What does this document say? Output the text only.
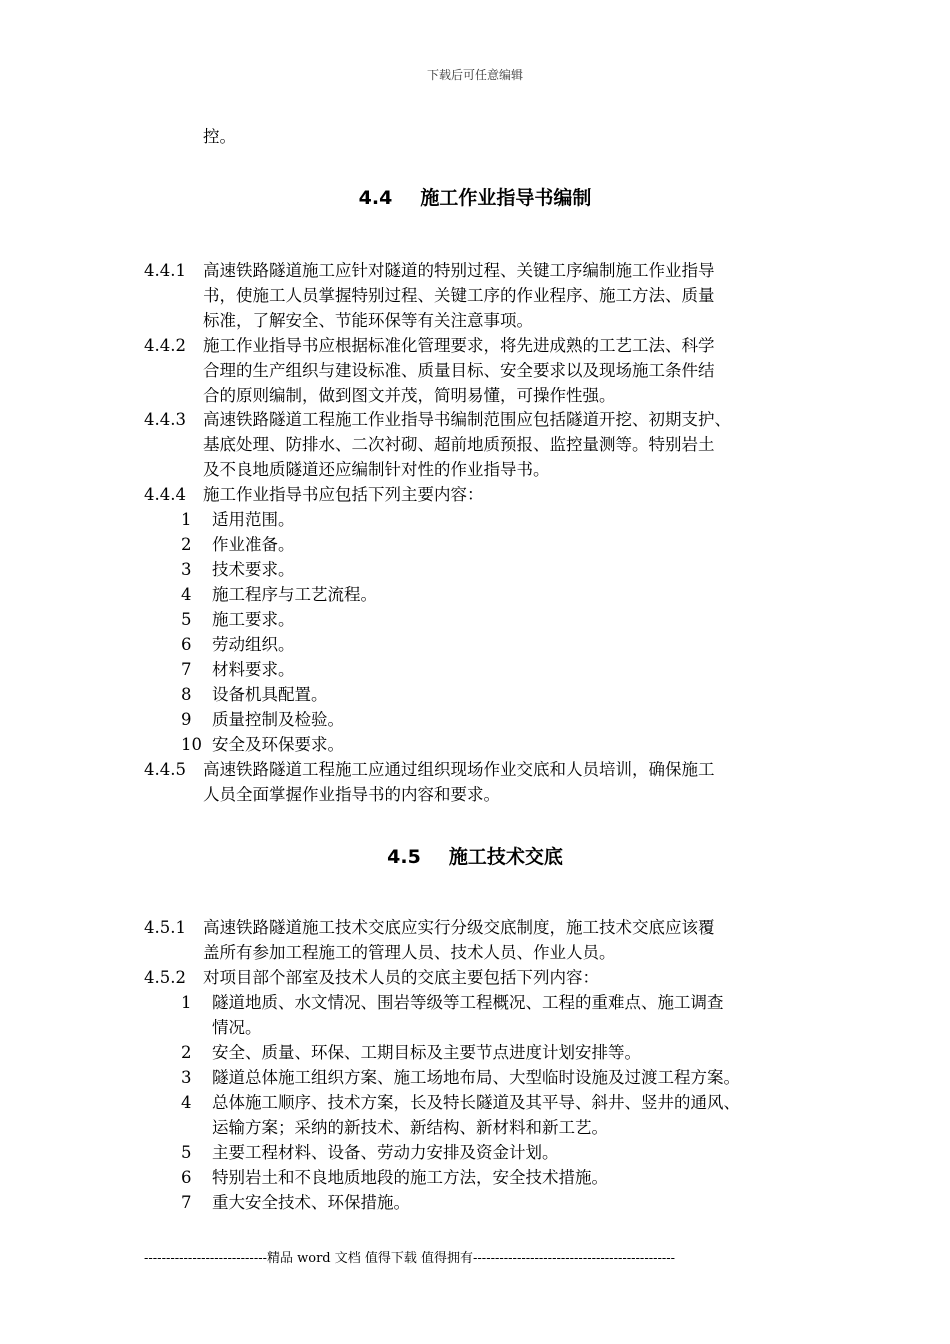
下载后可任意编辑
控。
4.4 施工作业指导书编制
4.4.1 高速铁路隧道施工应针对隧道的特别过程、关键工序编制施工作业指导
书，使施工人员掌握特别过程、关键工序的作业程序、施工方法、质量
标准，了解安全、节能环保等有关注意事项。
4.4.2 施工作业指导书应根据标准化管理要求，将先进成熟的工艺工法、科学
合理的生产组织与建设标准、质量目标、安全要求以及现场施工条件结
合的原则编制，做到图文并茂，简明易懂，可操作性强。
4.4.3 高速铁路隧道工程施工作业指导书编制范围应包括隧道开挖、初期支护、
基底处理、防排水、二次衬砌、超前地质预报、监控量测等。特别岩土
及不良地质隧道还应编制针对性的作业指导书。
4.4.4 施工作业指导书应包括下列主要内容：
1 适用范围。
2 作业准备。
3 技术要求。
4 施工程序与工艺流程。
5 施工要求。
6 劳动组织。
7 材料要求。
8 设备机具配置。
9 质量控制及检验。
10 安全及环保要求。
4.4.5 高速铁路隧道工程施工应通过组织现场作业交底和人员培训，确保施工
人员全面掌握作业指导书的内容和要求。
4.5 施工技术交底
4.5.1 高速铁路隧道施工技术交底应实行分级交底制度，施工技术交底应该覆
盖所有参加工程施工的管理人员、技术人员、作业人员。
4.5.2 对项目部个部室及技术人员的交底主要包括下列内容：
1 隧道地质、水文情况、围岩等级等工程概况、工程的重难点、施工调查
情况。
2 安全、质量、环保、工期目标及主要节点进度计划安排等。
3 隧道总体施工组织方案、施工场地布局、大型临时设施及过渡工程方案。
4 总体施工顺序、技术方案，长及特长隧道及其平导、斜井、竖井的通风、
运输方案；采纳的新技术、新结构、新材料和新工艺。
5 主要工程材料、设备、劳动力安排及资金计划。
6 特别岩土和不良地质地段的施工方法，安全技术措施。
7 重大安全技术、环保措施。
----------------------------精品 word 文档 值得下载 值得拥有----------------------------------------------
